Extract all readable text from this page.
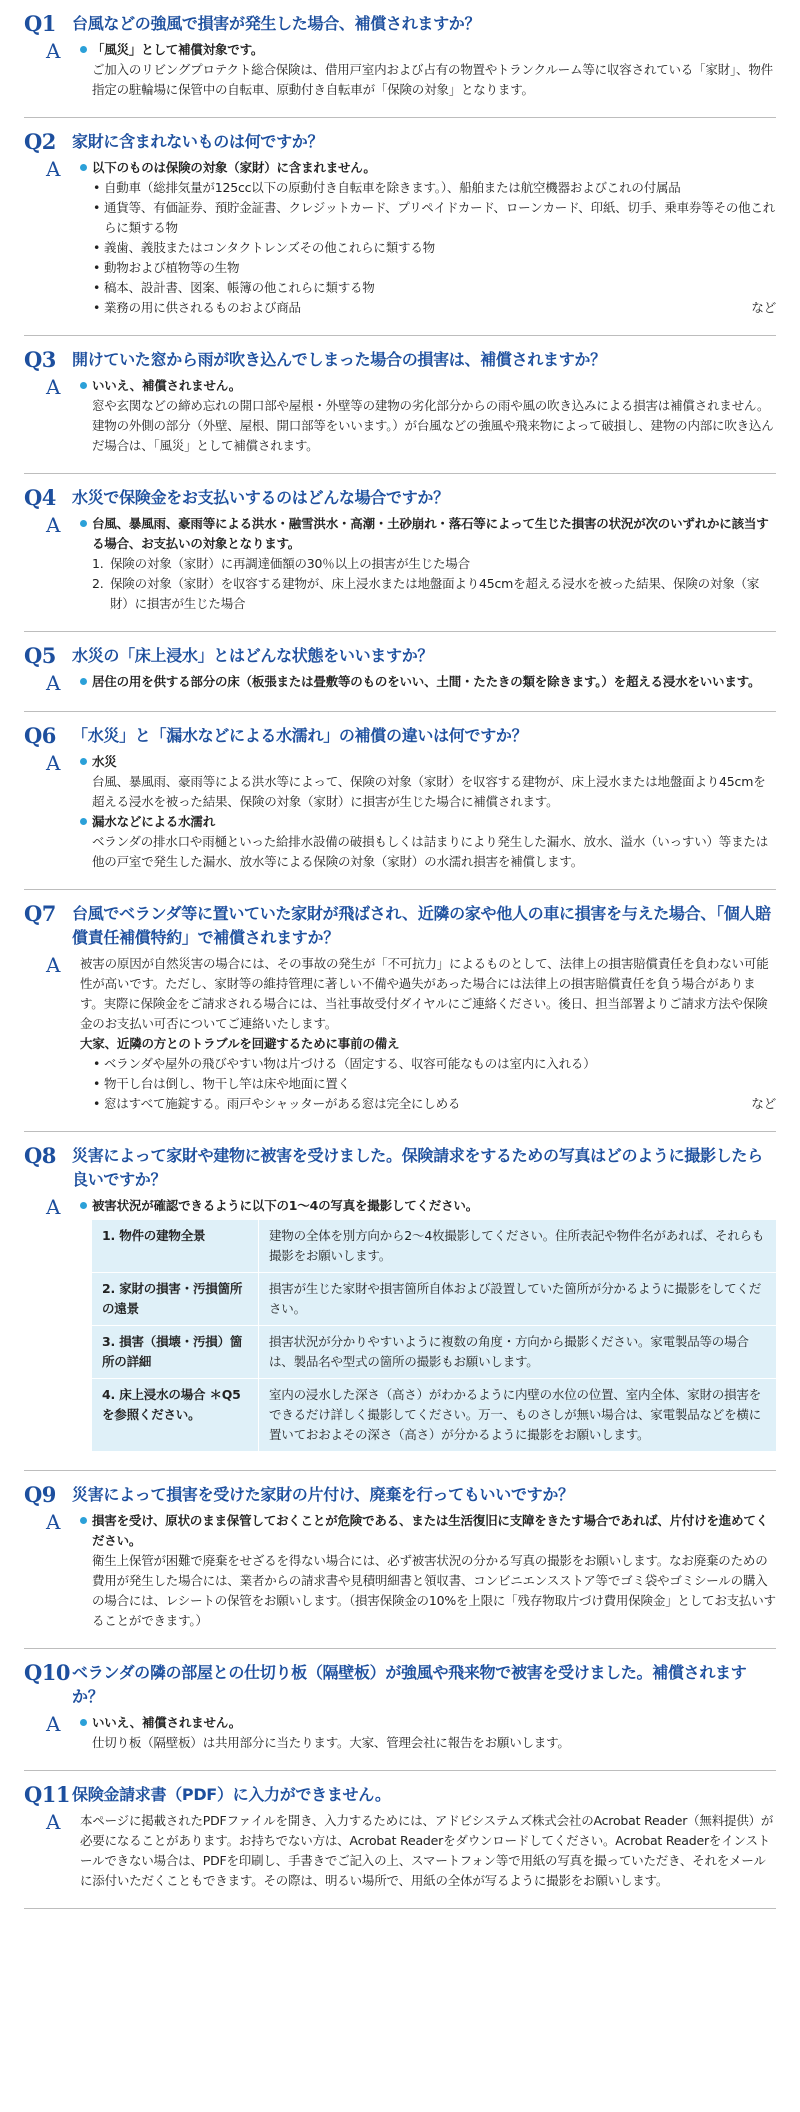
Q1	台風などの強風で損害が発生した場合、補償されますか？
A	「風災」として補償対象です。
ご加入のリビングプロテクト総合保険は、借用戸室内および占有の物置やトランクルーム等に収容されている「家財」、物件指定の駐輪場に保管中の自転車、原動付き自転車が「保険の対象」となります。
Q2	家財に含まれないものは何ですか？
A	以下のものは保険の対象（家財）に含まれません。
• 自動車（総排気量が125cc以下の原動付き自転車を除きます。）、船舶または航空機器およびこれの付属品
• 通貨等、有価証券、預貯金証書、クレジットカード、プリペイドカード、ローンカード、印紙、切手、乗車券等その他これらに類する物
• 義歯、義肢またはコンタクトレンズその他これらに類する物
• 動物および植物等の生物
• 稿本、設計書、図案、帳簿の他これらに類する物
• 業務の用に供されるものおよび商品	など
Q3	開けていた窓から雨が吹き込んでしまった場合の損害は、補償されますか？
A	いいえ、補償されません。
窓や玄関などの締め忘れの開口部や屋根・外壁等の建物の劣化部分からの雨や風の吹き込みによる損害は補償されません。建物の外側の部分（外壁、屋根、開口部等をいいます。）が台風などの強風や飛来物によって破損し、建物の内部に吹き込んだ場合は、「風災」として補償されます。
Q4	水災で保険金をお支払いするのはどんな場合ですか？
A	台風、暴風雨、豪雨等による洪水・融雪洪水・高潮・土砂崩れ・落石等によって生じた損害の状況が次のいずれかに該当する場合、お支払いの対象となります。
1. 保険の対象（家財）に再調達価額の30％以上の損害が生じた場合
2. 保険の対象（家財）を収容する建物が、床上浸水または地盤面より45cmを超える浸水を被った結果、保険の対象（家財）に損害が生じた場合
Q5	水災の「床上浸水」とはどんな状態をいいますか？
A	居住の用を供する部分の床（板張または畳敷等のものをいい、土間・たたきの類を除きます。）を超える浸水をいいます。
Q6	「水災」と「漏水などによる水濡れ」の補償の違いは何ですか？
A	水災
台風、暴風雨、豪雨等による洪水等によって、保険の対象（家財）を収容する建物が、床上浸水または地盤面より45cmを超える浸水を被った結果、保険の対象（家財）に損害が生じた場合に補償されます。
漏水などによる水濡れ
ベランダの排水口や雨樋といった給排水設備の破損もしくは詰まりにより発生した漏水、放水、溢水（いっすい）等または他の戸室で発生した漏水、放水等による保険の対象（家財）の水濡れ損害を補償します。
Q7	台風でベランダ等に置いていた家財が飛ばされ、近隣の家や他人の車に損害を与えた場合、「個人賠償責任補償特約」で補償されますか？
A	被害の原因が自然災害の場合には、その事故の発生が「不可抗力」によるものとして、法律上の損害賠償責任を負わない可能性が高いです。ただし、家財等の維持管理に著しい不備や過失があった場合には法律上の損害賠償責任を負う場合があります。実際に保険金をご請求される場合には、当社事故受付ダイヤルにご連絡ください。後日、担当部署よりご請求方法や保険金のお支払い可否についてご連絡いたします。
大家、近隣の方とのトラブルを回避するために事前の備え
• ベランダや屋外の飛びやすい物は片づける（固定する、収容可能なものは室内に入れる）
• 物干し台は倒し、物干し竿は床や地面に置く
• 窓はすべて施錠する。雨戸やシャッターがある窓は完全にしめる	など
Q8	災害によって家財や建物に被害を受けました。保険請求をするための写真はどのように撮影したら良いですか？
A	被害状況が確認できるように以下の1～4の写真を撮影してください。
1. 物件の建物全景	建物の全体を別方向から2～4枚撮影してください。住所表記や物件名があれば、それらも撮影をお願いします。
2. 家財の損害・汚損箇所の遠景	損害が生じた家財や損害箇所自体および設置していた箇所が分かるように撮影をしてください。
3. 損害（損壊・汚損）箇所の詳細	損害状況が分かりやすいように複数の角度・方向から撮影ください。家電製品等の場合は、製品名や型式の箇所の撮影もお願いします。
4. 床上浸水の場合 ＊Q5を参照ください。	室内の浸水した深さ（高さ）がわかるように内壁の水位の位置、室内全体、家財の損害をできるだけ詳しく撮影してください。万一、ものさしが無い場合は、家電製品などを横に置いておおよその深さ（高さ）が分かるように撮影をお願いします。
Q9	災害によって損害を受けた家財の片付け、廃棄を行ってもいいですか？
A	損害を受け、原状のまま保管しておくことが危険である、または生活復旧に支障をきたす場合であれば、片付けを進めてください。
衛生上保管が困難で廃棄をせざるを得ない場合には、必ず被害状況の分かる写真の撮影をお願いします。なお廃棄のための費用が発生した場合には、業者からの請求書や見積明細書と領収書、コンビニエンスストア等でゴミ袋やゴミシールの購入の場合には、レシートの保管をお願いします。（損害保険金の10%を上限に「残存物取片づけ費用保険金」としてお支払いすることができます。）
Q10 ベランダの隣の部屋との仕切り板（隔壁板）が強風や飛来物で被害を受けました。補償されますか？
A	いいえ、補償されません。
仕切り板（隔壁板）は共用部分に当たります。大家、管理会社に報告をお願いします。
Q11 保険金請求書（PDF）に入力ができません。
A	本ページに掲載されたPDFファイルを開き、入力するためには、アドビシステムズ株式会社のAcrobat Reader（無料提供）が必要になることがあります。お持ちでない方は、Acrobat Readerをダウンロードしてください。Acrobat Readerをインストールできない場合は、PDFを印刷し、手書きでご記入の上、スマートフォン等で用紙の写真を撮っていただき、それをメールに添付いただくこともできます。その際は、明るい場所で、用紙の全体が写るように撮影をお願いします。
